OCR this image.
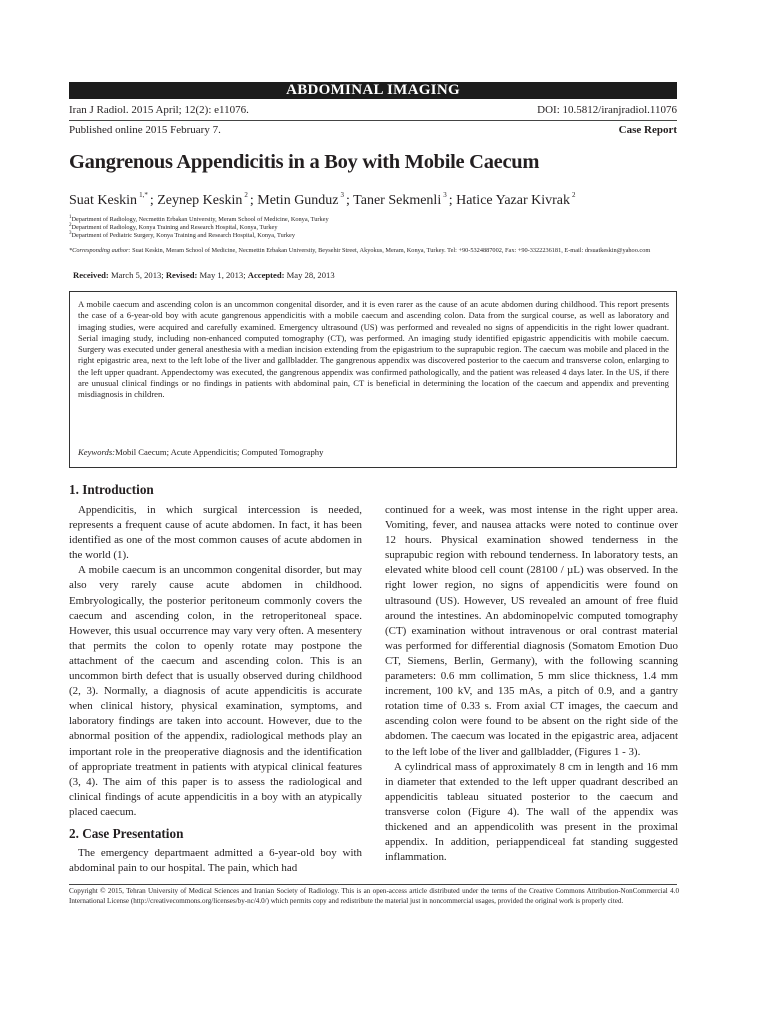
ABDOMINAL IMAGING
Iran J Radiol. 2015 April; 12(2): e11076.	DOI: 10.5812/iranjradiol.11076
Published online 2015 February 7.	Case Report
Gangrenous Appendicitis in a Boy with Mobile Caecum
Suat Keskin $^{1,*}$ ; Zeynep Keskin $^2$ ; Metin Gunduz $^3$ ; Taner Sekmenli $^3$ ; Hatice Yazar Kivrak $^2$
$^1$Department of Radiology, Necmettin Erbakan University, Meram School of Medicine, Konya, Turkey
$^2$Department of Radiology, Konya Training and Research Hospital, Konya, Turkey
$^3$Department of Pediatric Surgery, Konya Training and Research Hospital, Konya, Turkey
*Corresponding author: Suat Keskin, Meram School of Medicine, Necmettin Erbakan University, Beysehir Street, Akyokus, Meram, Konya, Turkey. Tel: +90-5324887002, Fax: +90-3322236181, E-mail: drsuatkeskin@yahoo.com
Received: March 5, 2013; Revised: May 1, 2013; Accepted: May 28, 2013

A mobile caecum and ascending colon is an uncommon congenital disorder, and it is even rarer as the cause of an acute abdomen during childhood. This report presents the case of a 6-year-old boy with acute gangrenous appendicitis with a mobile caecum and ascending colon. Data from the surgical course, as well as laboratory and imaging studies, were acquired and carefully examined. Emergency ultrasound (US) was performed and revealed no signs of appendicitis in the right lower quadrant. Serial imaging study, including non-enhanced computed tomography (CT), was performed. An imaging study identified epigastric appendicitis with mobile caecum. Surgery was executed under general anesthesia with a median incision extending from the epigastrium to the suprapubic region. The caecum was mobile and placed in the right epigastric area, next to the left lobe of the liver and gallbladder. The gangrenous appendix was discovered posterior to the caecum and transverse colon, enlarging to the left upper quadrant. Appendectomy was executed, the gangrenous appendix was confirmed pathologically, and the patient was released 4 days later. In the US, if there are unusual clinical findings or no findings in patients with abdominal pain, CT is beneficial in determining the location of the caecum and appendix and preventing misdiagnosis in children.

Keywords:Mobil Caecum; Acute Appendicitis; Computed Tomography
1. Introduction

Appendicitis, in which surgical intercession is needed, represents a frequent cause of acute abdomen. In fact, it has been identified as one of the most common causes of acute abdomen in the world (1).

A mobile caecum is an uncommon congenital disorder, but may also very rarely cause acute abdomen in childhood. Embryologically, the posterior peritoneum commonly covers the caecum and ascending colon, in the retroperitoneal space. However, this usual occurrence may vary very often. A mesentery that permits the colon to openly rotate may postpone the attachment of the caecum and ascending colon. This is an uncommon birth defect that is usually observed during childhood (2, 3). Normally, a diagnosis of acute appendicitis is accurate when clinical history, physical examination, symptoms, and laboratory findings are taken into account. However, due to the abnormal position of the appendix, radiological methods play an important role in the preoperative diagnosis and the identification of appropriate treatment in patients with atypical clinical features (3, 4). The aim of this paper is to assess the radiological and clinical findings of acute appendicitis in a boy with an atypically placed caecum.

2. Case Presentation

The emergency departmaent admitted a 6-year-old boy with abdominal pain to our hospital. The pain, which had

continued for a week, was most intense in the right upper area. Vomiting, fever, and nausea attacks were noted to continue over 12 hours. Physical examination showed tenderness in the suprapubic region with rebound tenderness. In laboratory tests, an elevated white blood cell count (28100 / µL) was observed. In the right lower region, no signs of appendicitis were found on ultrasound (US). However, US revealed an amount of free fluid around the intestines. An abdominopelvic computed tomography (CT) examination without intravenous or oral contrast material was performed for differential diagnosis (Somatom Emotion Duo CT, Siemens, Berlin, Germany), with the following scanning parameters: 0.6 mm collimation, 5 mm slice thickness, 1.4 mm increment, 100 kV, and 135 mAs, a pitch of 0.9, and a gantry rotation time of 0.33 s. From axial CT images, the caecum and ascending colon were found to be absent on the right side of the abdomen. The caecum was located in the epigastric area, adjacent to the left lobe of the liver and gallbladder, (Figures 1 - 3).

A cylindrical mass of approximately 8 cm in length and 16 mm in diameter that extended to the left upper quadrant described an appendicitis tableau situated posterior to the caecum and transverse colon (Figure 4). The wall of the appendix was thickened and an appendicolith was present in the proximal appendix. In addition, periappendiceal fat standing suggested inflammation.

Copyright © 2015, Tehran University of Medical Sciences and Iranian Society of Radiology. This is an open-access article distributed under the terms of the Creative Commons Attribution-NonCommercial 4.0 International License (http://creativecommons.org/licenses/by-nc/4.0/) which permits copy and redistribute the material just in noncommercial usages, provided the original work is properly cited.
